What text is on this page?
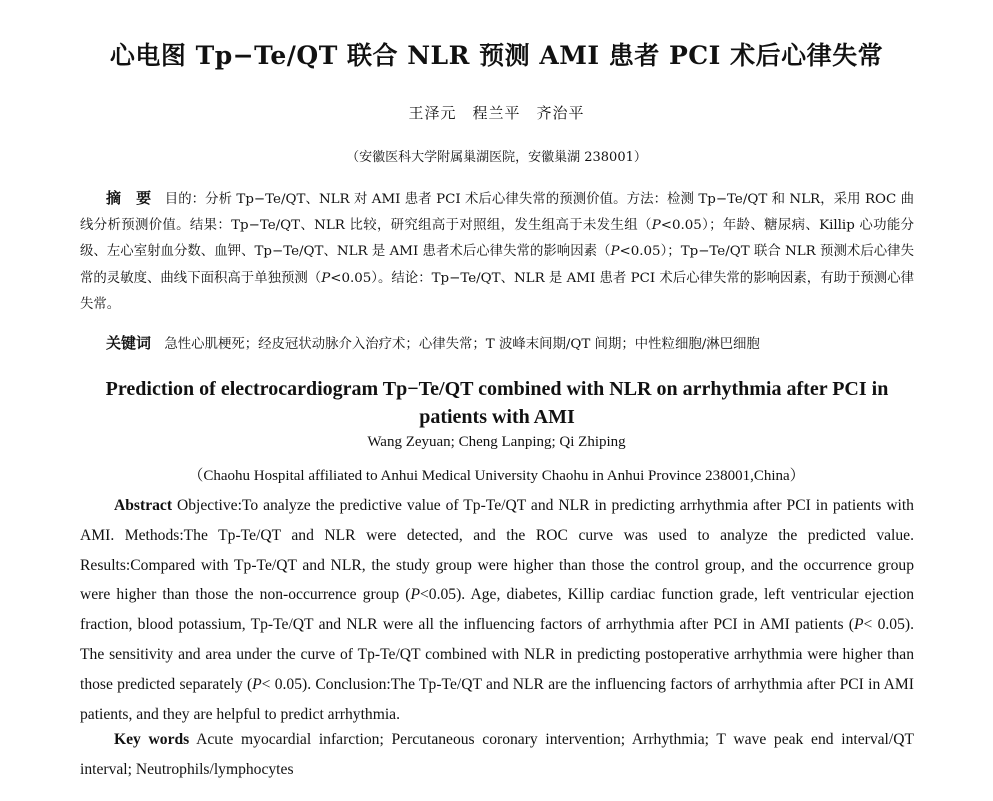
心电图 Tp−Te/QT 联合 NLR 预测 AMI 患者 PCI 术后心律失常
王泽元　程兰平　齐治平
（安徽医科大学附属巢湖医院，安徽巢湖 238001）
摘　要　 目的：分析 Tp−Te/QT、NLR 对 AMI 患者 PCI 术后心律失常的预测价值。方法：检测 Tp−Te/QT 和 NLR，采用 ROC 曲线分析预测价值。结果：Tp−Te/QT、NLR 比较，研究组高于对照组，发生组高于未发生组（P<0.05）；年龄、糖尿病、Killip 心功能分级、左心室射血分数、血钾、Tp−Te/QT、NLR 是 AMI 患者术后心律失常的影响因素（P<0.05）；Tp−Te/QT 联合 NLR 预测术后心律失常的灵敏度、曲线下面积高于单独预测（P<0.05）。结论：Tp−Te/QT、NLR 是 AMI 患者 PCI 术后心律失常的影响因素，有助于预测心律失常。
关键词　 急性心肌梗死；经皮冠状动脉介入治疗术；心律失常；T 波峰末间期/QT 间期；中性粒细胞/淋巴细胞
Prediction of electrocardiogram Tp−Te/QT combined with NLR on arrhythmia after PCI in patients with AMI
Wang Zeyuan; Cheng Lanping; Qi Zhiping
（Chaohu Hospital affiliated to Anhui Medical University Chaohu in Anhui Province 238001,China）
Abstract Objective:To analyze the predictive value of Tp-Te/QT and NLR in predicting arrhythmia after PCI in patients with AMI. Methods:The Tp-Te/QT and NLR were detected, and the ROC curve was used to analyze the predicted value. Results:Compared with Tp-Te/QT and NLR, the study group were higher than those the control group, and the occurrence group were higher than those the non-occurrence group (P<0.05). Age, diabetes, Killip cardiac function grade, left ventricular ejection fraction, blood potassium, Tp-Te/QT and NLR were all the influencing factors of arrhythmia after PCI in AMI patients (P< 0.05). The sensitivity and area under the curve of Tp-Te/QT combined with NLR in predicting postoperative arrhythmia were higher than those predicted separately (P< 0.05). Conclusion:The Tp-Te/QT and NLR are the influencing factors of arrhythmia after PCI in AMI patients, and they are helpful to predict arrhythmia.
Key words Acute myocardial infarction; Percutaneous coronary intervention; Arrhythmia; T wave peak end interval/QT interval; Neutrophils/lymphocytes
